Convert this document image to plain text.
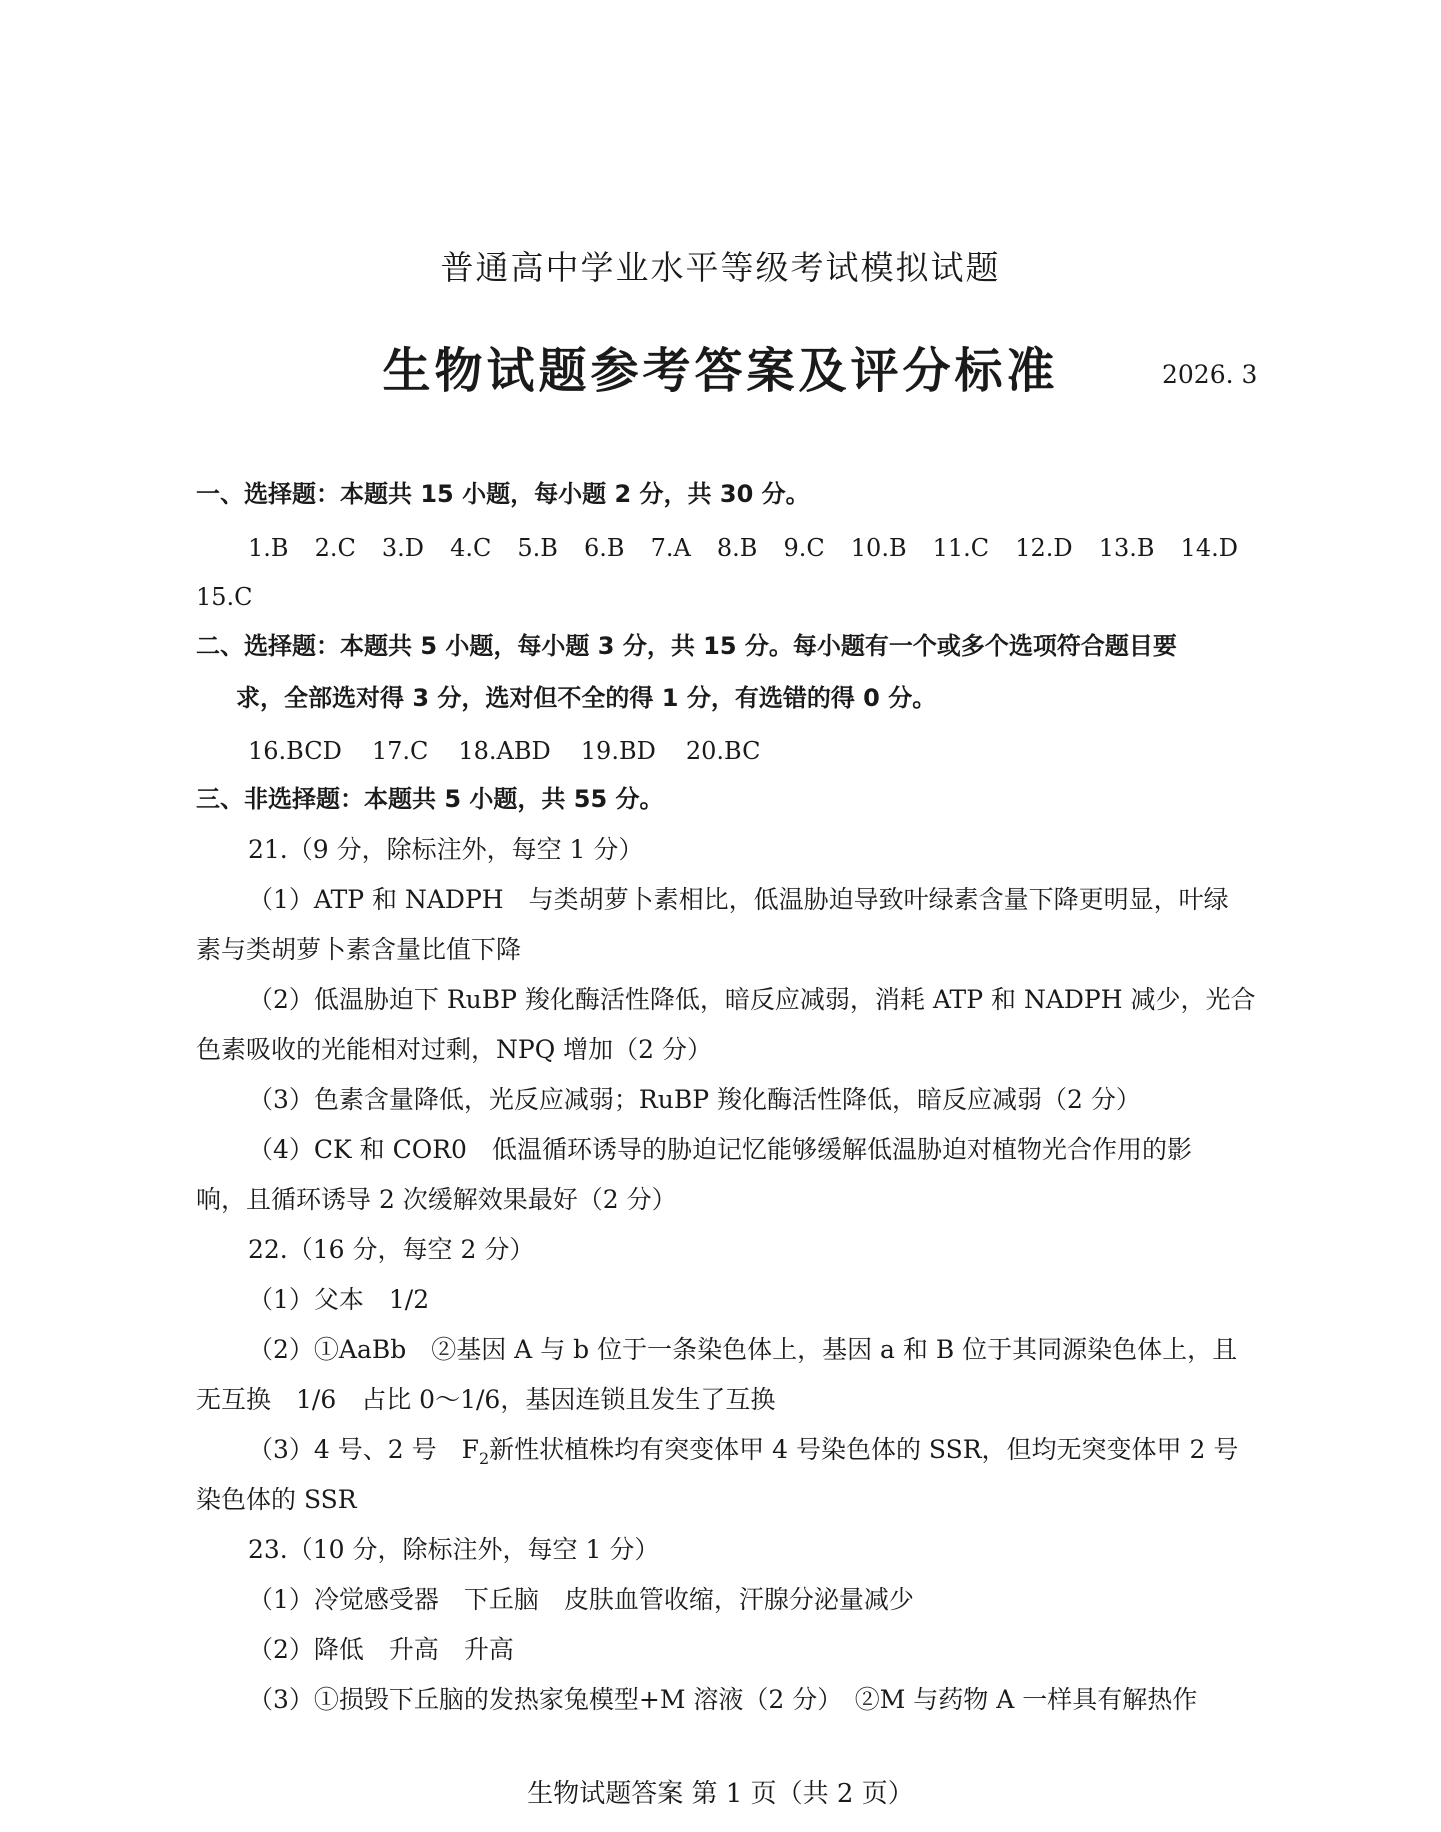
普通高中学业水平等级考试模拟试题
生物试题参考答案及评分标准	2026. 3
一、选择题：本题共 15 小题，每小题 2 分，共 30 分。
1.B 2.C 3.D 4.C 5.B 6.B 7.A 8.B 9.C 10.B 11.C 12.D 13.B 14.D
15.C
二、选择题：本题共 5 小题，每小题 3 分，共 15 分。每小题有一个或多个选项符合题目要
求，全部选对得 3 分，选对但不全的得 1 分，有选错的得 0 分。
16.BCD 17.C 18.ABD 19.BD 20.BC
三、非选择题：本题共 5 小题，共 55 分。
21.（9 分，除标注外，每空 1 分）
（1）ATP 和 NADPH　与类胡萝卜素相比，低温胁迫导致叶绿素含量下降更明显，叶绿
素与类胡萝卜素含量比值下降
（2）低温胁迫下 RuBP 羧化酶活性降低，暗反应减弱，消耗 ATP 和 NADPH 减少，光合
色素吸收的光能相对过剩，NPQ 增加（2 分）
（3）色素含量降低，光反应减弱；RuBP 羧化酶活性降低，暗反应减弱（2 分）
（4）CK 和 COR0　低温循环诱导的胁迫记忆能够缓解低温胁迫对植物光合作用的影
响，且循环诱导 2 次缓解效果最好（2 分）
22.（16 分，每空 2 分）
（1）父本　1/2
（2）①AaBb　②基因 A 与 b 位于一条染色体上，基因 a 和 B 位于其同源染色体上，且
无互换　1/6　占比 0～1/6，基因连锁且发生了互换
（3）4 号、2 号　$F_2$新性状植株均有突变体甲 4 号染色体的 SSR，但均无突变体甲 2 号
染色体的 SSR
23.（10 分，除标注外，每空 1 分）
（1）冷觉感受器　下丘脑　皮肤血管收缩，汗腺分泌量减少
（2）降低　升高　升高
（3）①损毁下丘脑的发热家兔模型+M 溶液（2 分）　②M 与药物 A 一样具有解热作
生物试题答案 第 1 页（共 2 页）
